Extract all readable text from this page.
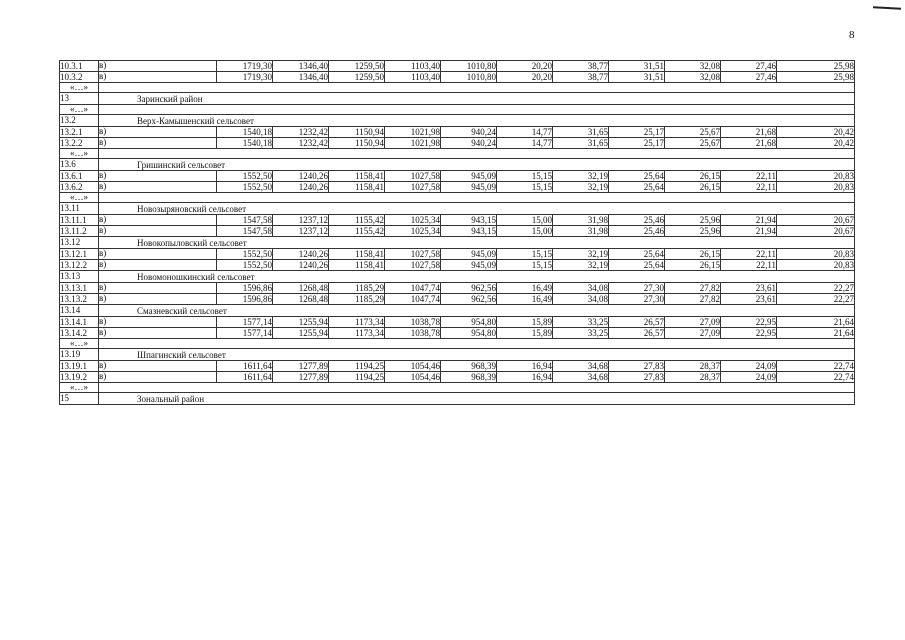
8
10.3.1	в)	1719,30	1346,40	1259,50	1103,40	1010,80	20,20	38,77	31,51	32,08	27,46	25,98
10.3.2	в)	1719,30	1346,40	1259,50	1103,40	1010,80	20,20	38,77	31,51	32,08	27,46	25,98
«…»												
13	Заринский район											
«…»												
13.2	Верх-Камышенский сельсовет											
13.2.1	в)	1540,18	1232,42	1150,94	1021,98	940,24	14,77	31,65	25,17	25,67	21,68	20,42
13.2.2	в)	1540,18	1232,42	1150,94	1021,98	940,24	14,77	31,65	25,17	25,67	21,68	20,42
«…»												
13.6	Гришинский сельсовет											
13.6.1	в)	1552,50	1240,26	1158,41	1027,58	945,09	15,15	32,19	25,64	26,15	22,11	20,83
13.6.2	в)	1552,50	1240,26	1158,41	1027,58	945,09	15,15	32,19	25,64	26,15	22,11	20,83
«…»												
13.11	Новозыряновский сельсовет											
13.11.1	в)	1547,58	1237,12	1155,42	1025,34	943,15	15,00	31,98	25,46	25,96	21,94	20,67
13.11.2	в)	1547,58	1237,12	1155,42	1025,34	943,15	15,00	31,98	25,46	25,96	21,94	20,67
13.12	Новокопыловский сельсовет											
13.12.1	в)	1552,50	1240,26	1158,41	1027,58	945,09	15,15	32,19	25,64	26,15	22,11	20,83
13.12.2	в)	1552,50	1240,26	1158,41	1027,58	945,09	15,15	32,19	25,64	26,15	22,11	20,83
13.13	Новомоношкинский сельсовет											
13.13.1	в)	1596,86	1268,48	1185,29	1047,74	962,56	16,49	34,08	27,30	27,82	23,61	22,27
13.13.2	в)	1596,86	1268,48	1185,29	1047,74	962,56	16,49	34,08	27,30	27,82	23,61	22,27
13.14	Смазневский сельсовет											
13.14.1	в)	1577,14	1255,94	1173,34	1038,78	954,80	15,89	33,25	26,57	27,09	22,95	21,64
13.14.2	в)	1577,14	1255,94	1173,34	1038,78	954,80	15,89	33,25	26,57	27,09	22,95	21,64
«…»												
13.19	Шпагинский сельсовет											
13.19.1	в)	1611,64	1277,89	1194,25	1054,46	968,39	16,94	34,68	27,83	28,37	24,09	22,74
13.19.2	в)	1611,64	1277,89	1194,25	1054,46	968,39	16,94	34,68	27,83	28,37	24,09	22,74
«…»												
15	Зональный район											
